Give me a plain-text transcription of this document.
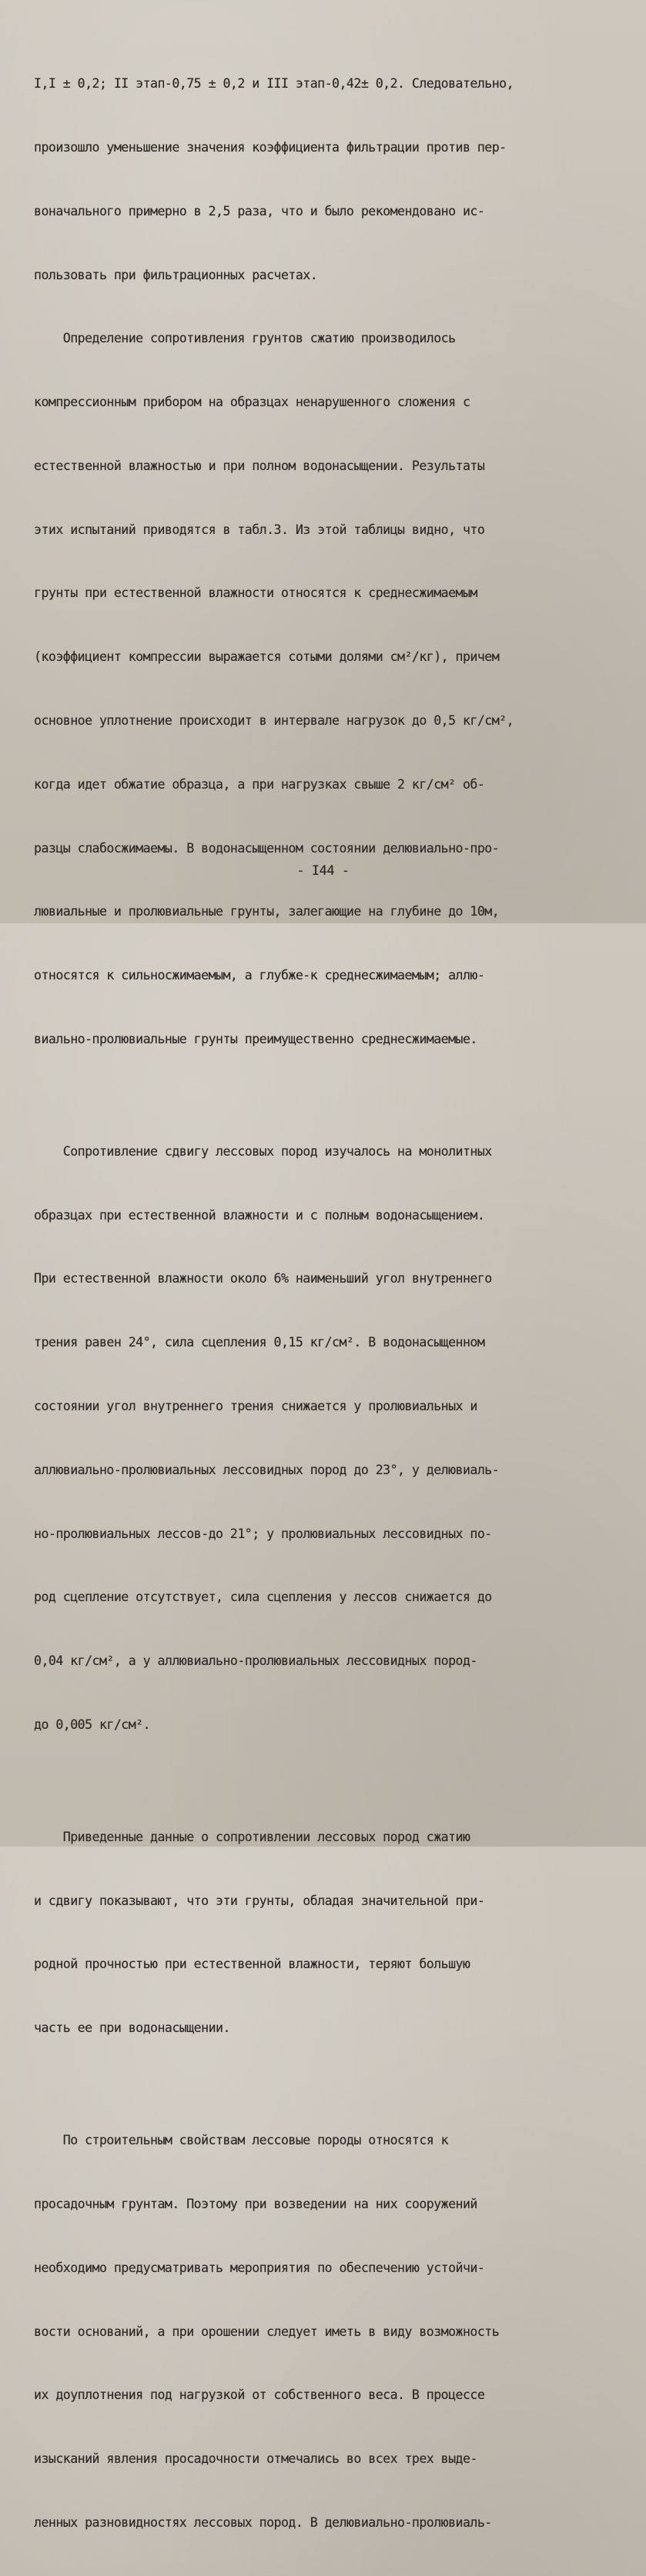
I,I ± 0,2; II этап-0,75 ± 0,2 и III этап-0,42± 0,2. Следовательно,

произошло уменьшение значения коэффициента фильтрации против пер-

воначального примерно в 2,5 раза, что и было рекомендовано ис-

пользовать при фильтрационных расчетах.

Определение сопротивления грунтов сжатию производилось

компрессионным прибором на образцах ненарушенного сложения с

естественной влажностью и при полном водонасыщении. Результаты

этих испытаний приводятся в табл.3. Из этой таблицы видно, что

грунты при естественной влажности относятся к среднесжимаемым

(коэффициент компрессии выражается сотыми долями см²/кг), причем

основное уплотнение происходит в интервале нагрузок до 0,5 кг/см²,

когда идет обжатие образца, а при нагрузках свыше 2 кг/см² об-

разцы слабосжимаемы. В водонасыщенном состоянии делювиально-про-

лювиальные и пролювиальные грунты, залегающие на глубине до 10м,

относятся к сильносжимаемым, а глубже-к среднесжимаемым; аллю-

виально-пролювиальные грунты преимущественно среднесжимаемые.

Сопротивление сдвигу лессовых пород изучалось на монолитных

образцах при естественной влажности и с полным водонасыщением.

При естественной влажности около 6% наименьший угол внутреннего

трения равен 24°, сила сцепления 0,15 кг/см². В водонасыщенном

состоянии угол внутреннего трения снижается у пролювиальных и

аллювиально-пролювиальных лессовидных пород до 23°, у делювиаль-

но-пролювиальных лессов-до 21°; у пролювиальных лессовидных по-

род сцепление отсутствует, сила сцепления у лессов снижается до

0,04 кг/см², а у аллювиально-пролювиальных лессовидных пород-

до 0,005 кг/см².

Приведенные данные о сопротивлении лессовых пород сжатию

и сдвигу показывают, что эти грунты, обладая значительной при-

родной прочностью при естественной влажности, теряют большую

часть ее при водонасыщении.

По строительным свойствам лессовые породы относятся к

просадочным грунтам. Поэтому при возведении на них сооружений

необходимо предусматривать мероприятия по обеспечению устойчи-

вости оснований, а при орошении следует иметь в виду возможность

их доуплотнения под нагрузкой от собственного веса. В процессе

изысканий явления просадочности отмечались во всех трех выде-

ленных разновидностях лессовых пород. В делювиально-пролювиаль-

- I44 -
